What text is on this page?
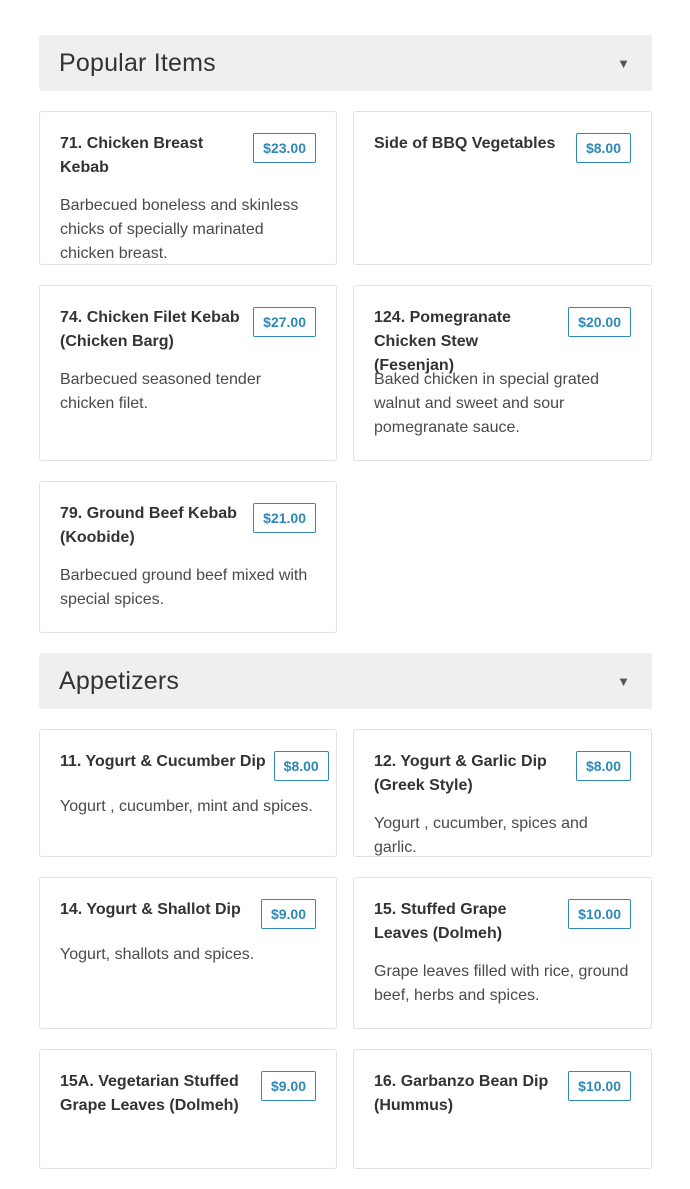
Popular Items	▼
71. Chicken Breast Kebab
$23.00
Barbecued boneless and skinless chicks of specially marinated chicken breast.
Side of BBQ Vegetables	$8.00
74. Chicken Filet Kebab (Chicken Barg)
$27.00
Barbecued seasoned tender chicken filet.
124. Pomegranate Chicken Stew (Fesenjan)
$20.00
Baked chicken in special grated walnut and sweet and sour pomegranate sauce.
79. Ground Beef Kebab (Koobide)
$21.00
Barbecued ground beef mixed with special spices.
Appetizers	▼
11. Yogurt & Cucumber Dip	$8.00
Yogurt , cucumber, mint and spices.
12. Yogurt & Garlic Dip (Greek Style)
$8.00
Yogurt , cucumber, spices and garlic.
14. Yogurt & Shallot Dip	$9.00
Yogurt, shallots and spices.
15. Stuffed Grape Leaves (Dolmeh)
$10.00
Grape leaves filled with rice, ground beef, herbs and spices.
15A. Vegetarian Stuffed Grape Leaves (Dolmeh)
$9.00	16. Garbanzo Bean Dip (Hummus)
$10.00
